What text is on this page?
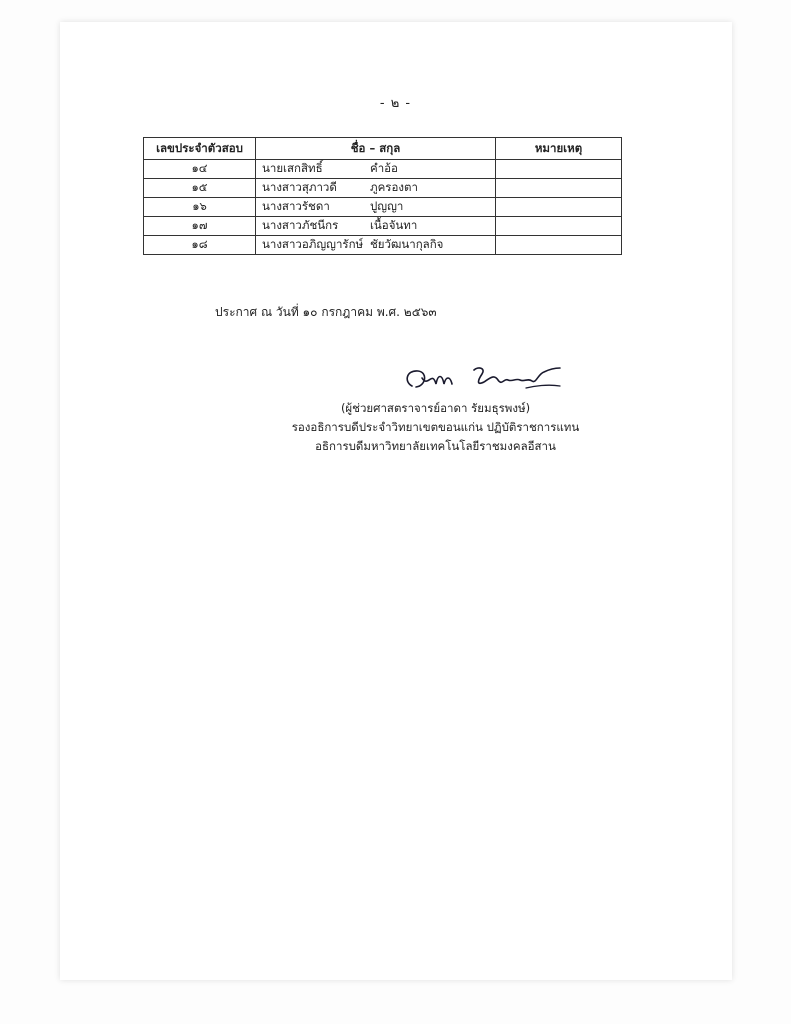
- ๒ -
เลขประจำตัวสอบ	ชื่อ – สกุล	หมายเหตุ
๑๔	นายเสกสิทธิ์ คำอ้อ	
๑๕	นางสาวสุภาวดี ภูครองตา	
๑๖	นางสาวรัชดา ปูญญา	
๑๗	นางสาวภัชนีกร เนื้อจันทา	
๑๘	นางสาวอภิญญารักษ์ ชัยวัฒนากุลกิจ	
ประกาศ ณ วันที่ ๑๐ กรกฎาคม พ.ศ. ๒๕๖๓
(ผู้ช่วยศาสตราจารย์อาดา รัยมธุรพงษ์)
รองอธิการบดีประจำวิทยาเขตขอนแก่น ปฏิบัติราชการแทน
อธิการบดีมหาวิทยาลัยเทคโนโลยีราชมงคลอีสาน
